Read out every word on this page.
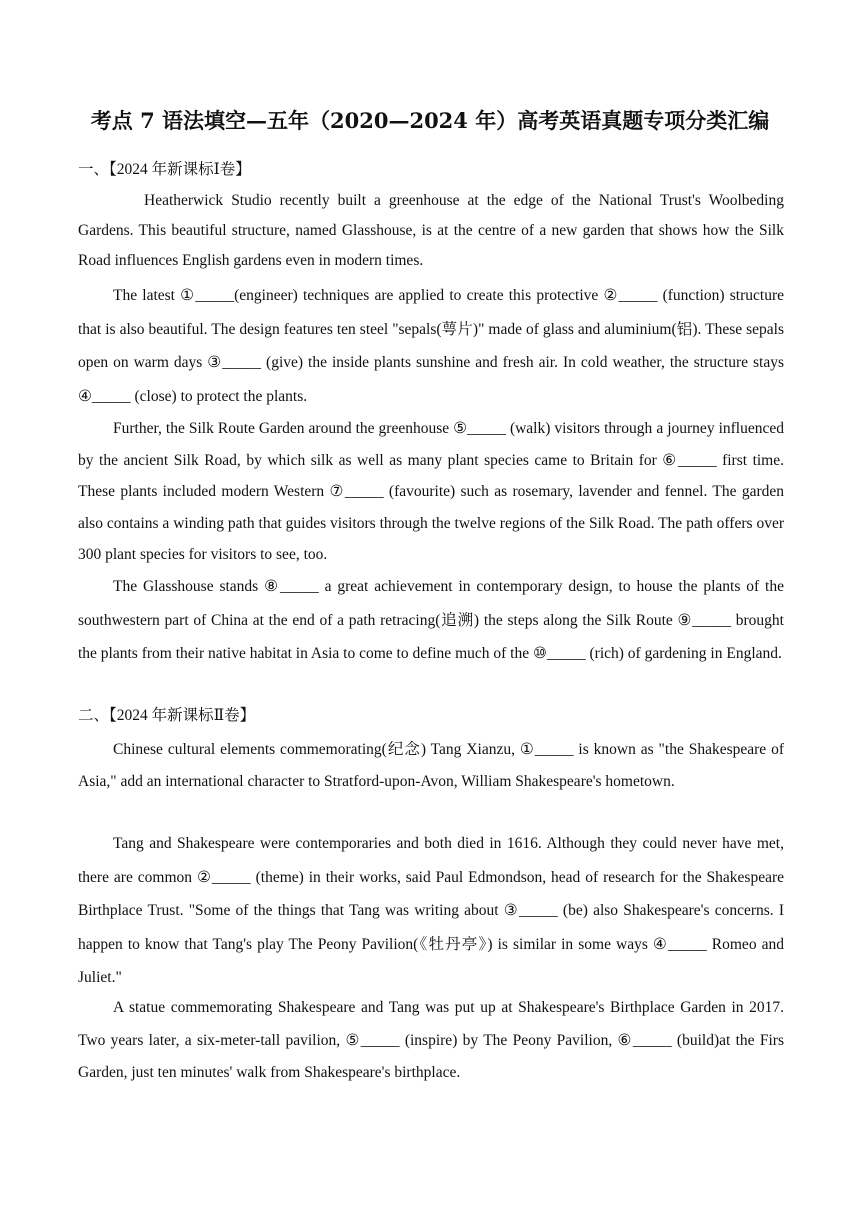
考点 7 语法填空—五年（2020—2024 年）高考英语真题专项分类汇编
一、【2024 年新课标Ⅰ卷】

Heatherwick Studio recently built a greenhouse at the edge of the National Trust's Woolbeding Gardens. This beautiful structure, named Glasshouse, is at the centre of a new garden that shows how the Silk Road influences English gardens even in modern times.

The latest ①_____(engineer) techniques are applied to create this protective ②_____ (function) structure that is also beautiful. The design features ten steel "sepals(萼片)" made of glass and aluminium(铝). These sepals open on warm days ③_____ (give) the inside plants sunshine and fresh air. In cold weather, the structure stays ④_____ (close) to protect the plants.

Further, the Silk Route Garden around the greenhouse ⑤_____ (walk) visitors through a journey influenced by the ancient Silk Road, by which silk as well as many plant species came to Britain for ⑥_____ first time. These plants included modern Western ⑦_____ (favourite) such as rosemary, lavender and fennel. The garden also contains a winding path that guides visitors through the twelve regions of the Silk Road. The path offers over 300 plant species for visitors to see, too.

The Glasshouse stands ⑧_____ a great achievement in contemporary design, to house the plants of the southwestern part of China at the end of a path retracing(追溯) the steps along the Silk Route ⑨_____ brought the plants from their native habitat in Asia to come to define much of the ⑩_____ (rich) of gardening in England.

二、【2024 年新课标Ⅱ卷】

Chinese cultural elements commemorating(纪念) Tang Xianzu, ①_____ is known as "the Shakespeare of Asia," add an international character to Stratford-upon-Avon, William Shakespeare's hometown.

Tang and Shakespeare were contemporaries and both died in 1616. Although they could never have met, there are common ②_____ (theme) in their works, said Paul Edmondson, head of research for the Shakespeare Birthplace Trust. "Some of the things that Tang was writing about ③_____ (be) also Shakespeare's concerns. I happen to know that Tang's play The Peony Pavilion(《牡丹亭》) is similar in some ways ④_____ Romeo and Juliet."

A statue commemorating Shakespeare and Tang was put up at Shakespeare's Birthplace Garden in 2017. Two years later, a six-meter-tall pavilion, ⑤_____ (inspire) by The Peony Pavilion, ⑥_____ (build)at the Firs Garden, just ten minutes' walk from Shakespeare's birthplace.
